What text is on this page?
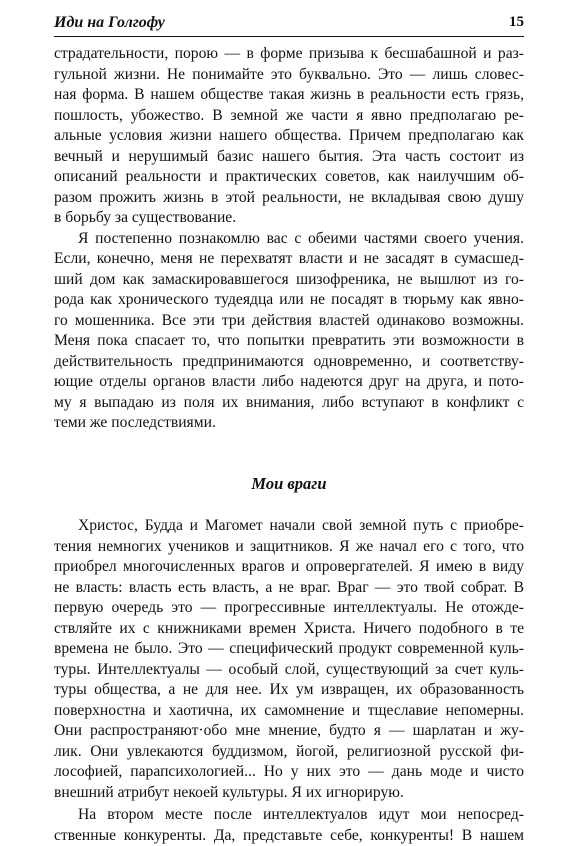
Иди на Голгофу	15
страдательности, порою — в форме призыва к бесшабашной и раз-
гульной жизни. Не понимайте это буквально. Это — лишь словес-
ная форма. В нашем обществе такая жизнь в реальности есть грязь,
пошлость, убожество. В земной же части я явно предполагаю ре-
альные условия жизни нашего общества. Причем предполагаю как
вечный и нерушимый базис нашего бытия. Эта часть состоит из
описаний реальности и практических советов, как наилучшим об-
разом прожить жизнь в этой реальности, не вкладывая свою душу
в борьбу за существование.
Я постепенно познакомлю вас с обеими частями своего учения.
Если, конечно, меня не перехватят власти и не засадят в сумасшед-
ший дом как замаскировавшегося шизофреника, не вышлют из го-
рода как хронического тудеядца или не посадят в тюрьму как явно-
го мошенника. Все эти три действия властей одинаково возможны.
Меня пока спасает то, что попытки превратить эти возможности в
действительность предпринимаются одновременно, и соответству-
ющие отделы органов власти либо надеются друг на друга, и пото-
му я выпадаю из поля их внимания, либо вступают в конфликт с
теми же последствиями.
Мои враги
Христос, Будда и Магомет начали свой земной путь с приобре-
тения немногих учеников и защитников. Я же начал его с того, что
приобрел многочисленных врагов и опровергателей. Я имею в виду
не власть: власть есть власть, а не враг. Враг — это твой собрат. В
первую очередь это — прогрессивные интеллектуалы. Не отожде-
ствляйте их с книжниками времен Христа. Ничего подобного в те
времена не было. Это — специфический продукт современной куль-
туры. Интеллектуалы — особый слой, существующий за счет куль-
туры общества, а не для нее. Их ум извращен, их образованность
поверхностна и хаотична, их самомнение и тщеславие непомерны.
Они распространяют·обо мне мнение, будто я — шарлатан и жу-
лик. Они увлекаются буддизмом, йогой, религиозной русской фи-
лософией, парапсихологией... Но у них это — дань моде и чисто
внешний атрибут некоей культуры. Я их игнорирую.
На втором месте после интеллектуалов идут мои непосред-
ственные конкуренты. Да, представьте себе, конкуренты! В нашем
